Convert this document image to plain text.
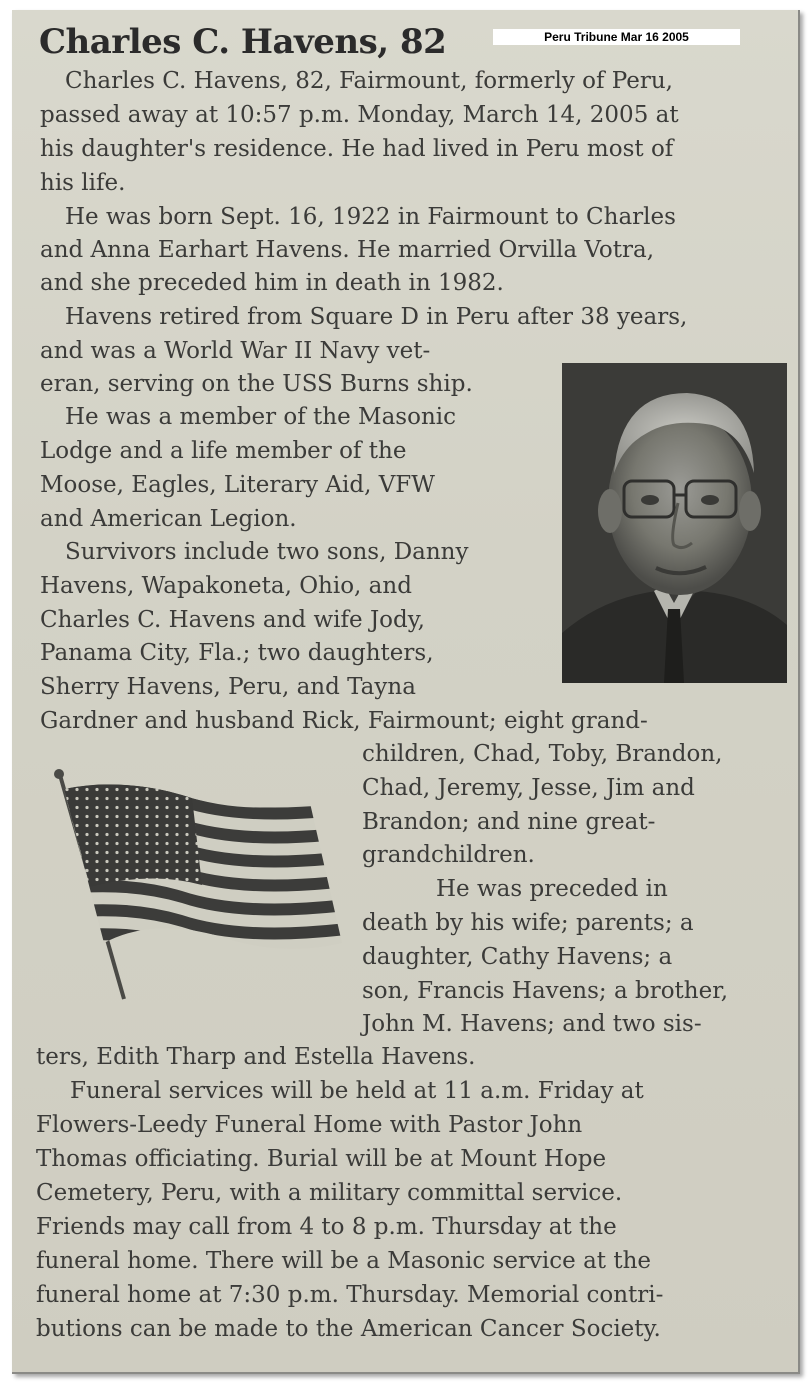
Charles C. Havens, 82	Peru Tribune Mar 16 2005
Charles C. Havens, 82, Fairmount, formerly of Peru,
passed away at 10:57 p.m. Monday, March 14, 2005 at
his daughter's residence. He had lived in Peru most of
his life.
He was born Sept. 16, 1922 in Fairmount to Charles
and Anna Earhart Havens. He married Orvilla Votra,
and she preceded him in death in 1982.
Havens retired from Square D in Peru after 38 years,
and was a World War II Navy vet-
eran, serving on the USS Burns ship.
He was a member of the Masonic
Lodge and a life member of the
Moose, Eagles, Literary Aid, VFW
and American Legion.
Survivors include two sons, Danny
Havens, Wapakoneta, Ohio, and
Charles C. Havens and wife Jody,
Panama City, Fla.; two daughters,
Sherry Havens, Peru, and Tayna
Gardner and husband Rick, Fairmount; eight grand-
children, Chad, Toby, Brandon,
Chad, Jeremy, Jesse, Jim and
Brandon; and nine great-
grandchildren.
He was preceded in
death by his wife; parents; a
daughter, Cathy Havens; a
son, Francis Havens; a brother,
John M. Havens; and two sis-
ters, Edith Tharp and Estella Havens.
Funeral services will be held at 11 a.m. Friday at
Flowers-Leedy Funeral Home with Pastor John
Thomas officiating. Burial will be at Mount Hope
Cemetery, Peru, with a military committal service.
Friends may call from 4 to 8 p.m. Thursday at the
funeral home. There will be a Masonic service at the
funeral home at 7:30 p.m. Thursday. Memorial contri-
butions can be made to the American Cancer Society.
